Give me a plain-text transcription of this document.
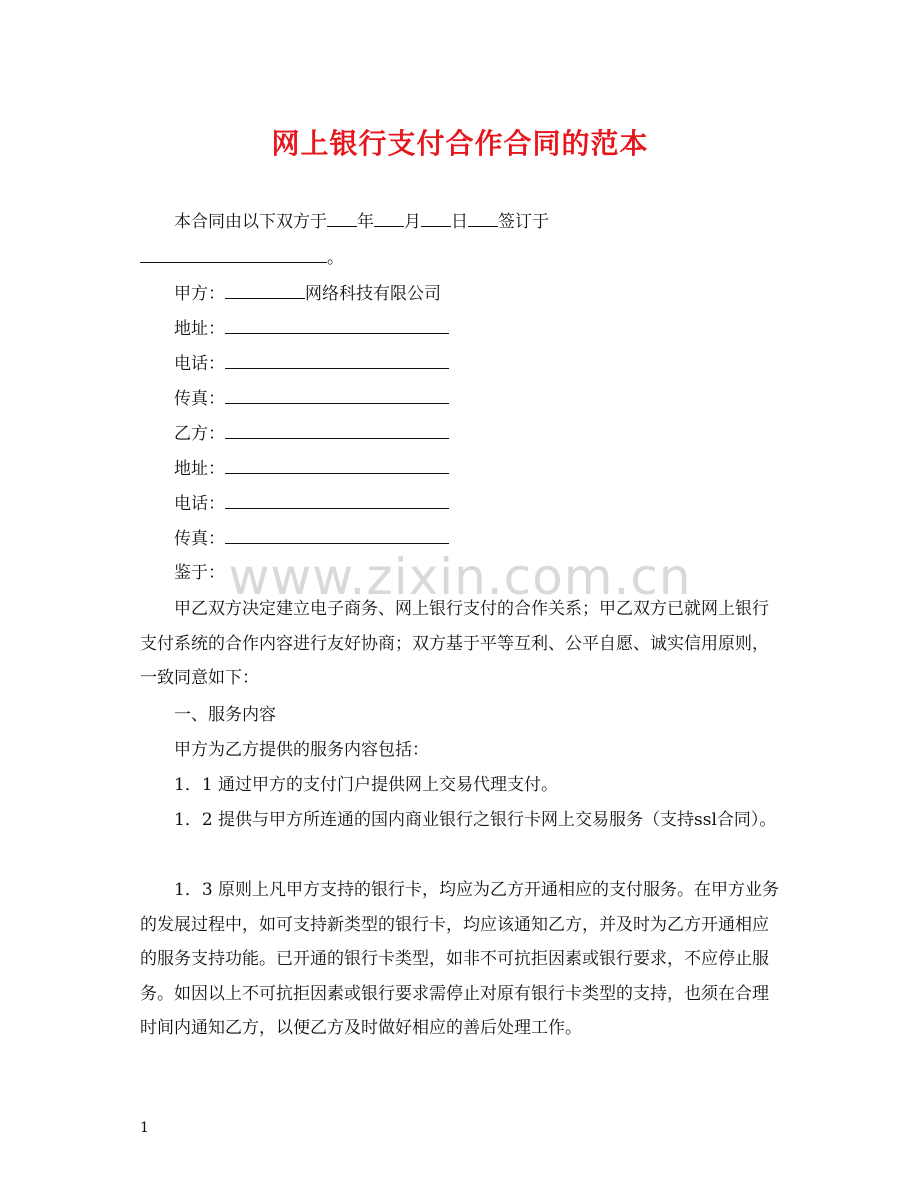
网上银行支付合作合同的范本
www.zixin.com.cn
本合同由以下双方于 年 月 日 签订于
。
甲方：	网络科技有限公司
地址：
电话：
传真：
乙方：
地址：
电话：
传真：
鉴于：
甲乙双方决定建立电子商务、网上银行支付的合作关系；甲乙双方已就网上银行支付系统的合作内容进行友好协商；双方基于平等互利、公平自愿、诚实信用原则，一致同意如下：
一、服务内容
甲方为乙方提供的服务内容包括：
1．1 通过甲方的支付门户提供网上交易代理支付。
1．2 提供与甲方所连通的国内商业银行之银行卡网上交易服务（支持ssl合同）。
1．3 原则上凡甲方支持的银行卡，均应为乙方开通相应的支付服务。在甲方业务的发展过程中，如可支持新类型的银行卡，均应该通知乙方，并及时为乙方开通相应的服务支持功能。已开通的银行卡类型，如非不可抗拒因素或银行要求，不应停止服务。如因以上不可抗拒因素或银行要求需停止对原有银行卡类型的支持，也须在合理时间内通知乙方，以便乙方及时做好相应的善后处理工作。
1
